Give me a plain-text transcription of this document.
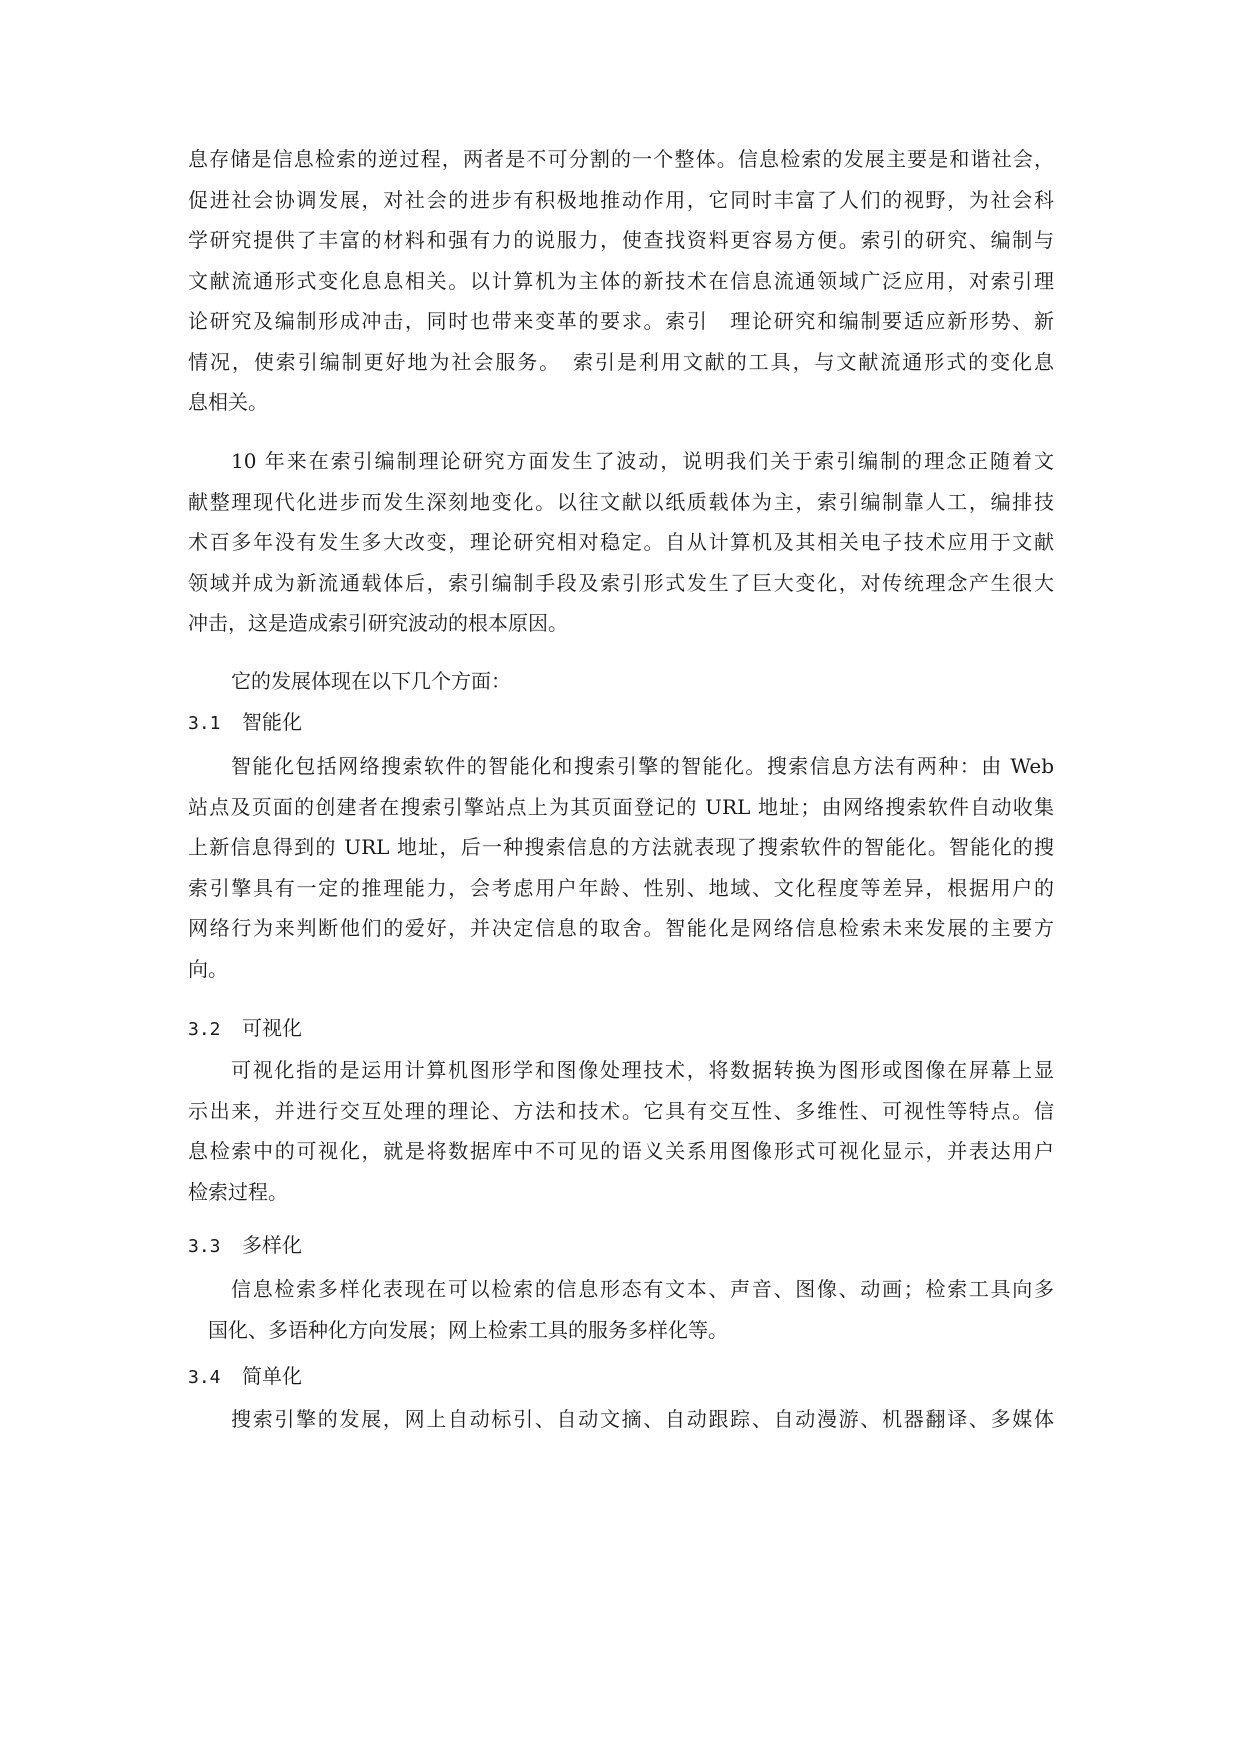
息存储是信息检索的逆过程，两者是不可分割的一个整体。信息检索的发展主要是和谐社会，
促进社会协调发展，对社会的进步有积极地推动作用，它同时丰富了人们的视野，为社会科
学研究提供了丰富的材料和强有力的说服力，使查找资料更容易方便。索引的研究、编制与
文献流通形式变化息息相关。以计算机为主体的新技术在信息流通领域广泛应用，对索引理
论研究及编制形成冲击，同时也带来变革的要求。索引　理论研究和编制要适应新形势、新
情况，使索引编制更好地为社会服务。　索引是利用文献的工具，与文献流通形式的变化息
息相关。
10 年来在索引编制理论研究方面发生了波动，说明我们关于索引编制的理念正随着文
献整理现代化进步而发生深刻地变化。以往文献以纸质载体为主，索引编制靠人工，编排技
术百多年没有发生多大改变，理论研究相对稳定。自从计算机及其相关电子技术应用于文献
领域并成为新流通载体后，索引编制手段及索引形式发生了巨大变化，对传统理念产生很大
冲击，这是造成索引研究波动的根本原因。
它的发展体现在以下几个方面：
3.1 智能化
智能化包括网络搜索软件的智能化和搜索引擎的智能化。搜索信息方法有两种：由 Web
站点及页面的创建者在搜索引擎站点上为其页面登记的 URL 地址；由网络搜索软件自动收集
上新信息得到的 URL 地址，后一种搜索信息的方法就表现了搜索软件的智能化。智能化的搜
索引擎具有一定的推理能力，会考虑用户年龄、性别、地域、文化程度等差异，根据用户的
网络行为来判断他们的爱好，并决定信息的取舍。智能化是网络信息检索未来发展的主要方
向。
3.2 可视化
可视化指的是运用计算机图形学和图像处理技术，将数据转换为图形或图像在屏幕上显
示出来，并进行交互处理的理论、方法和技术。它具有交互性、多维性、可视性等特点。信
息检索中的可视化，就是将数据库中不可见的语义关系用图像形式可视化显示，并表达用户
检索过程。
3.3 多样化
信息检索多样化表现在可以检索的信息形态有文本、声音、图像、动画；检索工具向多
国化、多语种化方向发展；网上检索工具的服务多样化等。
3.4 简单化
搜索引擎的发展，网上自动标引、自动文摘、自动跟踪、自动漫游、机器翻译、多媒体
